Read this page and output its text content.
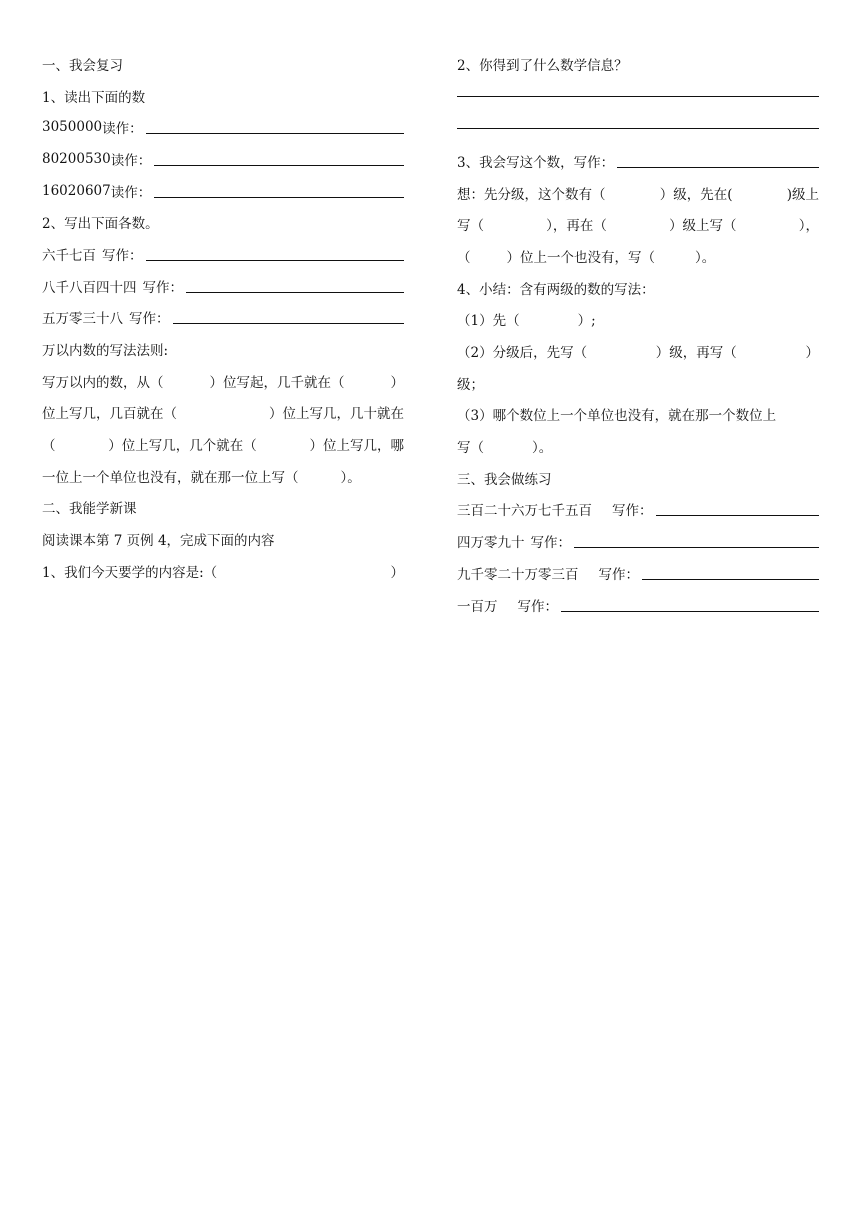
一、我会复习
1、读出下面的数
3050000 读作：
80200530 读作：
16020607 读作：
2、写出下面各数。
六千七百 写作：
八千八百四十四 写作：
五万零三十八 写作：
万以内数的写法法则:
写万以内的数，从（	）位写起，几千就在（	）
位上写几，几百就在（	）位上写几，几十就在
（	）位上写几，几个就在（	）位上写几，哪
一位上一个单位也没有，就在那一位上写（	）。
二、我能学新课
阅读课本第 7 页例 4，完成下面的内容
1、我们今天要学的内容是:（	）
2、你得到了什么数学信息？
3、我会写这个数，写作：
想：先分级，这个数有（	）级，先在(	)级上
写（	），再在（	）级上写（	），
（	）位上一个也没有，写（	）。
4、小结：含有两级的数的写法：
（1）先（	）;
（2）分级后，先写（	）级，再写（	）
级；
（3）哪个数位上一个单位也没有，就在那一个数位上
写（	）。
三、我会做练习
三百二十六万七千五百 写作：
四万零九十 写作：
九千零二十万零三百 写作：
一百万 写作：
